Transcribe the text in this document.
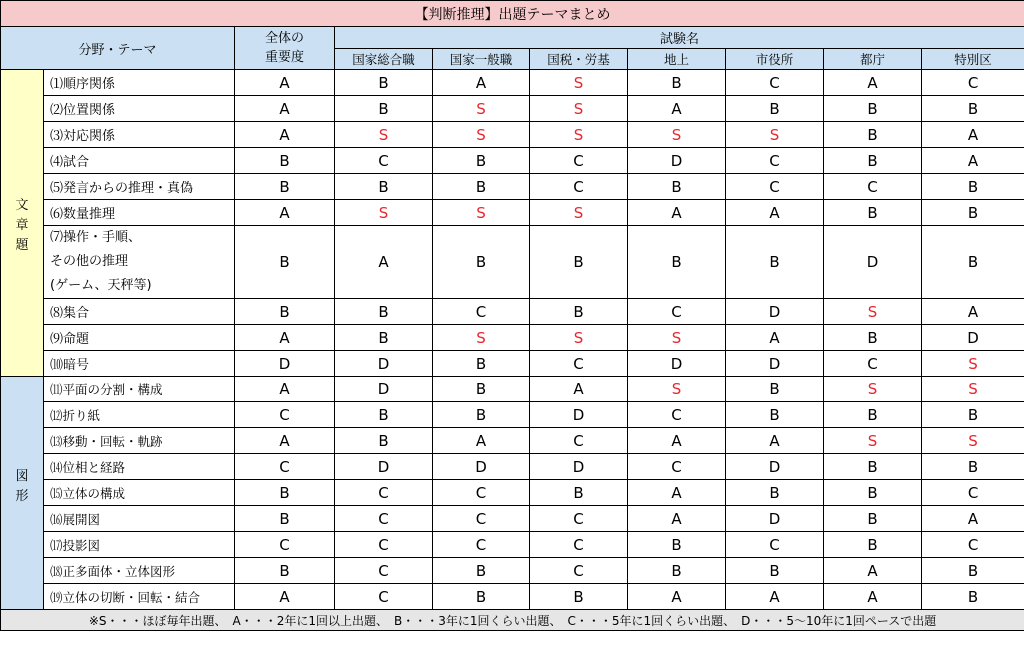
【判断推理】出題テーマまとめ									
分野・テーマ		全体の
重要度	試験名						
			国家総合職	国家一般職	国税・労基	地上	市役所	都庁	特別区

文
章
題	⑴順序関係	A	B	A	S	B	C	A	C
	⑵位置関係	A	B	S	S	A	B	B	B
	⑶対応関係	A	S	S	S	S	S	B	A
	⑷試合	B	C	B	C	D	C	B	A
	⑸発言からの推理・真偽	B	B	B	C	B	C	C	B
	⑹数量推理	A	S	S	S	A	A	B	B

	⑺操作・手順、
その他の推理
(ゲーム、天秤等)	B	A	B	B	B	B	D	B
	⑻集合	B	B	C	B	C	D	S	A
	⑼命題	A	B	S	S	S	A	B	D
	⑽暗号	D	D	B	C	D	D	C	S

図
形	⑾平面の分割・構成	A	D	B	A	S	B	S	S
	⑿折り紙	C	B	B	D	C	B	B	B
	⒀移動・回転・軌跡	A	B	A	C	A	A	S	S
	⒁位相と経路	C	D	D	D	C	D	B	B
	⒂立体の構成	B	C	C	B	A	B	B	C
	⒃展開図	B	C	C	C	A	D	B	A
	⒄投影図	C	C	C	C	B	C	B	C
	⒅正多面体・立体図形	B	C	B	C	B	B	A	B
	⒆立体の切断・回転・結合	A	C	B	B	A	A	A	B
※S・・・ほぼ毎年出題、　A・・・2年に1回以上出題、　B・・・3年に1回くらい出題、　C・・・5年に1回くらい出題、　D・・・5～10年に1回ペースで出題									
